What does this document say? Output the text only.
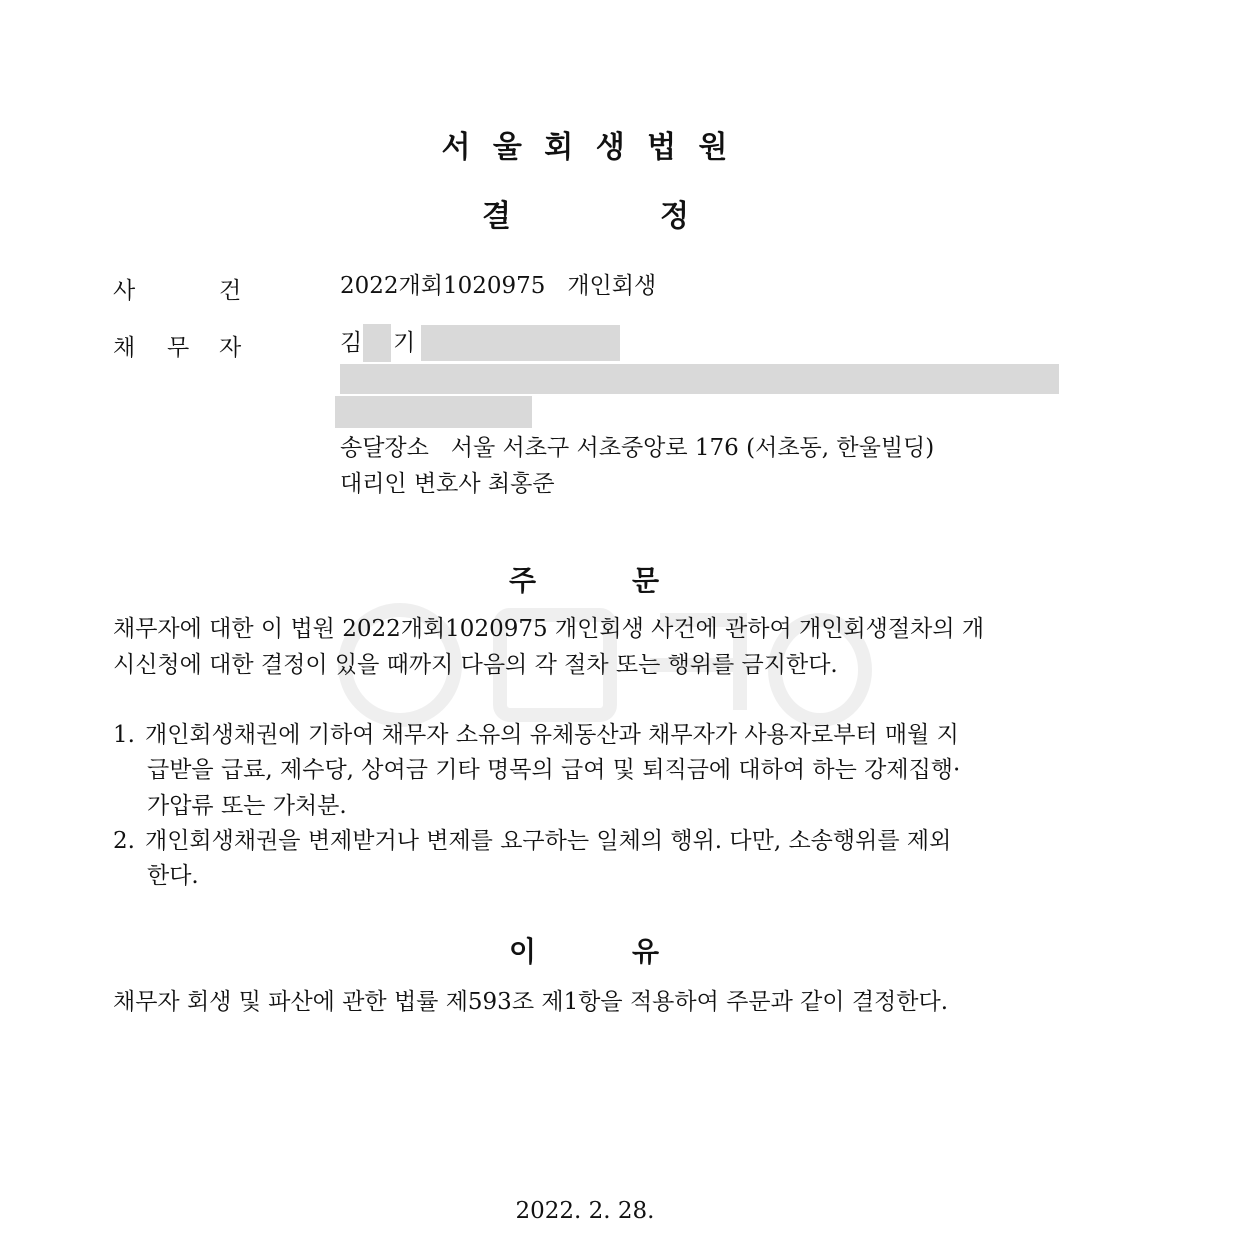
서 울 회 생 법 원
결	정
사	건	2022개회1020975   개인회생
채 무 자	김 기
송달장소   서울 서초구 서초중앙로 176 (서초동, 한울빌딩)
대리인 변호사 최홍준
주	문
채무자에 대한 이 법원 2022개회1020975 개인회생 사건에 관하여 개인회생절차의 개
시신청에 대한 결정이 있을 때까지 다음의 각 절차 또는 행위를 금지한다.
1. 개인회생채권에 기하여 채무자 소유의 유체동산과 채무자가 사용자로부터 매월 지
급받을 급료, 제수당, 상여금 기타 명목의 급여 및 퇴직금에 대하여 하는 강제집행·
가압류 또는 가처분.
2. 개인회생채권을 변제받거나 변제를 요구하는 일체의 행위. 다만, 소송행위를 제외
한다.
이	유
채무자 회생 및 파산에 관한 법률 제593조 제1항을 적용하여 주문과 같이 결정한다.
2022. 2. 28.
